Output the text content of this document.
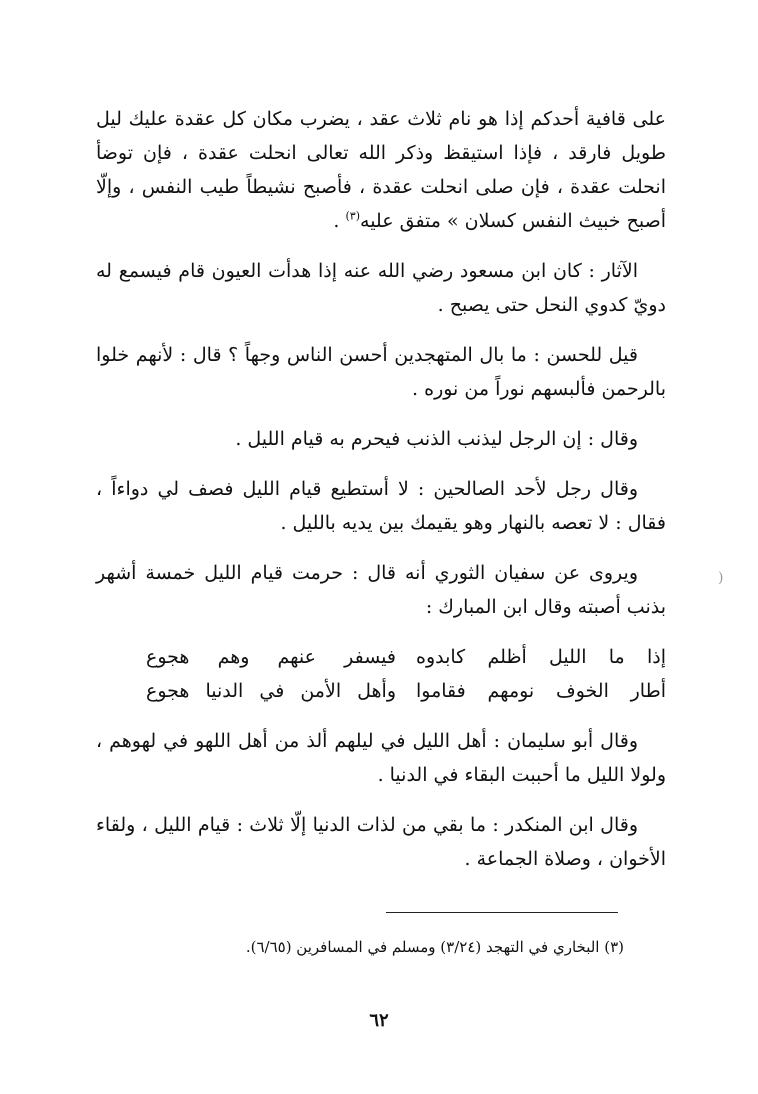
على قافية أحدكم إذا هو نام ثلاث عقد ، يضرب مكان كل عقدة عليك ليل طويل فارقد ، فإذا استيقظ وذكر الله تعالى انحلت عقدة ، فإن توضأ انحلت عقدة ، فإن صلى انحلت عقدة ، فأصبح نشيطاً طيب النفس ، وإلّا أصبح خبيث النفس كسلان » متفق عليه$^{(٣)}$ .

الآثار : كان ابن مسعود رضي الله عنه إذا هدأت العيون قام فيسمع له دويّ كدوي النحل حتى يصبح .

قيل للحسن : ما بال المتهجدين أحسن الناس وجهاً ؟ قال : لأنهم خلوا بالرحمن فألبسهم نوراً من نوره .

وقال : إن الرجل ليذنب الذنب فيحرم به قيام الليل .

وقال رجل لأحد الصالحين : لا أستطيع قيام الليل فصف لي دواءاً ، فقال : لا تعصه بالنهار وهو يقيمك بين يديه بالليل .

ويروى عن سفيان الثوري أنه قال : حرمت قيام الليل خمسة أشهر بذنب أصبته وقال ابن المبارك :

إذا ما الليل أظلم كابدوه
فيسفر عنهم وهم هجوع
أطار الخوف نومهم فقاموا
وأهل الأمن في الدنيا هجوع

وقال أبو سليمان : أهل الليل في ليلهم ألذ من أهل اللهو في لهوهم ، ولولا الليل ما أحببت البقاء في الدنيا .

وقال ابن المنكدر : ما بقي من لذات الدنيا إلّا ثلاث : قيام الليل ، ولقاء الأخوان ، وصلاة الجماعة .

)
(٣) البخاري في التهجد (٣/٢٤) ومسلم في المسافرين (٦/٦٥).
٦٢
